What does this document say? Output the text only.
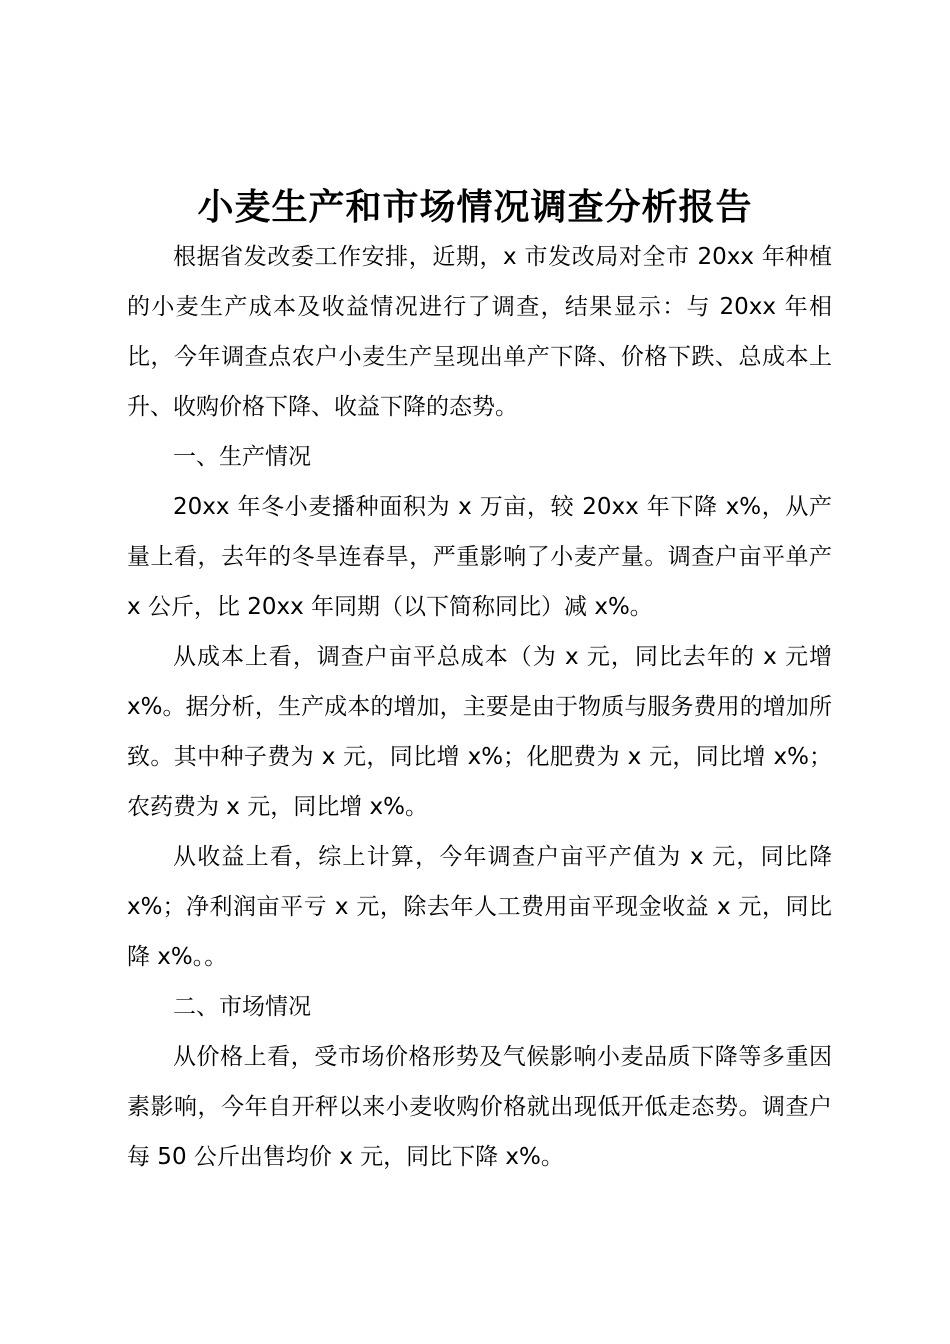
小麦生产和市场情况调查分析报告

根据省发改委工作安排，近期，x 市发改局对全市 20xx 年种植的小麦生产成本及收益情况进行了调查，结果显示：与 20xx 年相比，今年调查点农户小麦生产呈现出单产下降、价格下跌、总成本上升、收购价格下降、收益下降的态势。

一、生产情况

20xx 年冬小麦播种面积为 x 万亩，较 20xx 年下降 x%，从产量上看，去年的冬旱连春旱，严重影响了小麦产量。调查户亩平单产 x 公斤，比 20xx 年同期（以下简称同比）减 x%。

从成本上看，调查户亩平总成本（为 x 元，同比去年的 x 元增 x%。据分析，生产成本的增加，主要是由于物质与服务费用的增加所致。其中种子费为 x 元，同比增 x%；化肥费为 x 元，同比增 x%；农药费为 x 元，同比增 x%。

从收益上看，综上计算，今年调查户亩平产值为 x 元，同比降 x%；净利润亩平亏 x 元，除去年人工费用亩平现金收益 x 元，同比降 x%。。

二、市场情况

从价格上看，受市场价格形势及气候影响小麦品质下降等多重因素影响，今年自开秤以来小麦收购价格就出现低开低走态势。调查户每 50 公斤出售均价 x 元，同比下降 x%。
